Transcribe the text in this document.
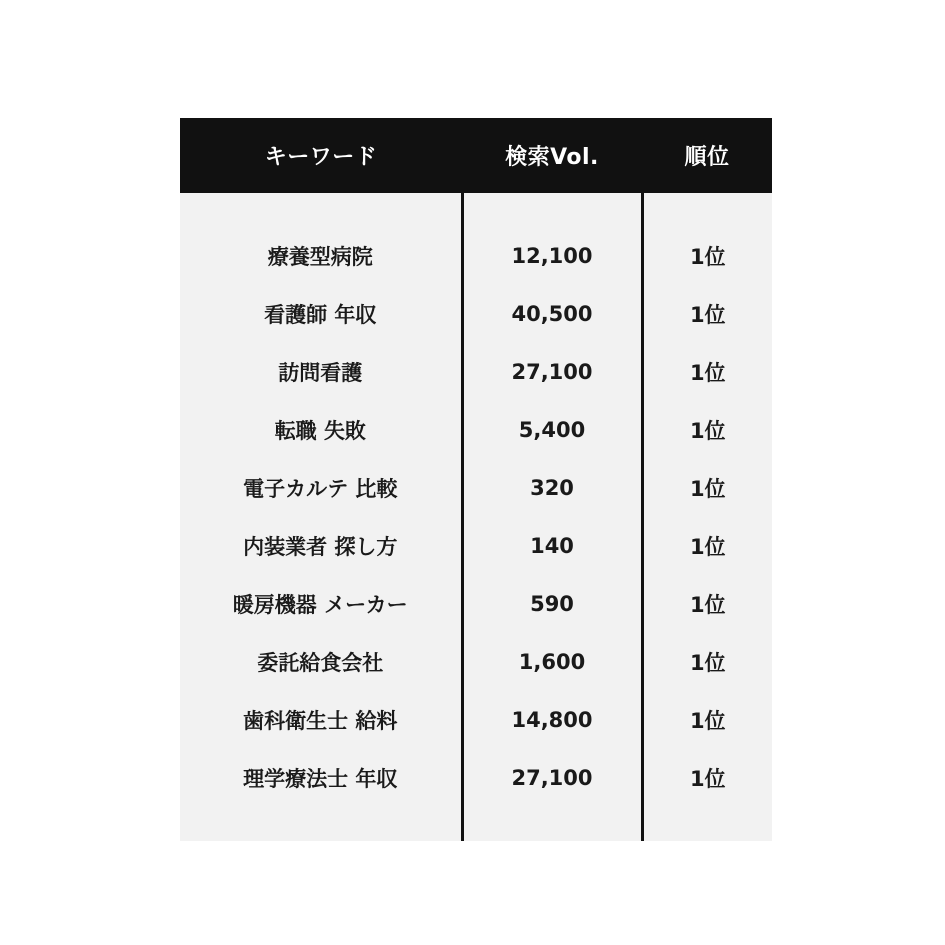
キーワード	検索Vol.	順位

療養型病院	12,100	1位
看護師 年収	40,500	1位
訪問看護	27,100	1位
転職 失敗	5,400	1位
電子カルテ 比較	320	1位
内装業者 探し方	140	1位
暖房機器 メーカー	590	1位
委託給食会社	1,600	1位
歯科衛生士 給料	14,800	1位
理学療法士 年収	27,100	1位
